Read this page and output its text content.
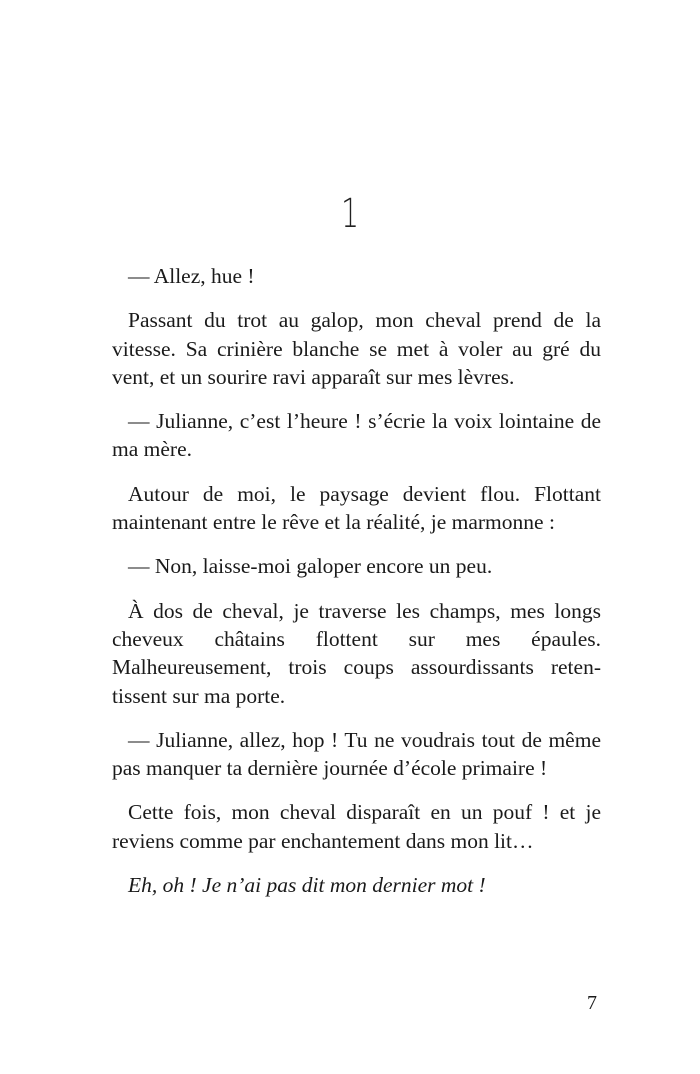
1

— Allez, hue !

Passant du trot au galop, mon cheval prend de la vitesse. Sa crinière blanche se met à voler au gré du vent, et un sourire ravi apparaît sur mes lèvres.

— Julianne, c’est l’heure ! s’écrie la voix lointaine de ma mère.

Autour de moi, le paysage devient flou. Flottant maintenant entre le rêve et la réalité, je marmonne :

— Non, laisse-moi galoper encore un peu.

À dos de cheval, je traverse les champs, mes longs cheveux châtains flottent sur mes épaules. Malheureusement, trois coups assourdissants retentissent sur ma porte.

— Julianne, allez, hop ! Tu ne voudrais tout de même pas manquer ta dernière journée d’école primaire !

Cette fois, mon cheval disparaît en un pouf ! et je reviens comme par enchantement dans mon lit…

Eh, oh ! Je n’ai pas dit mon dernier mot !

7
